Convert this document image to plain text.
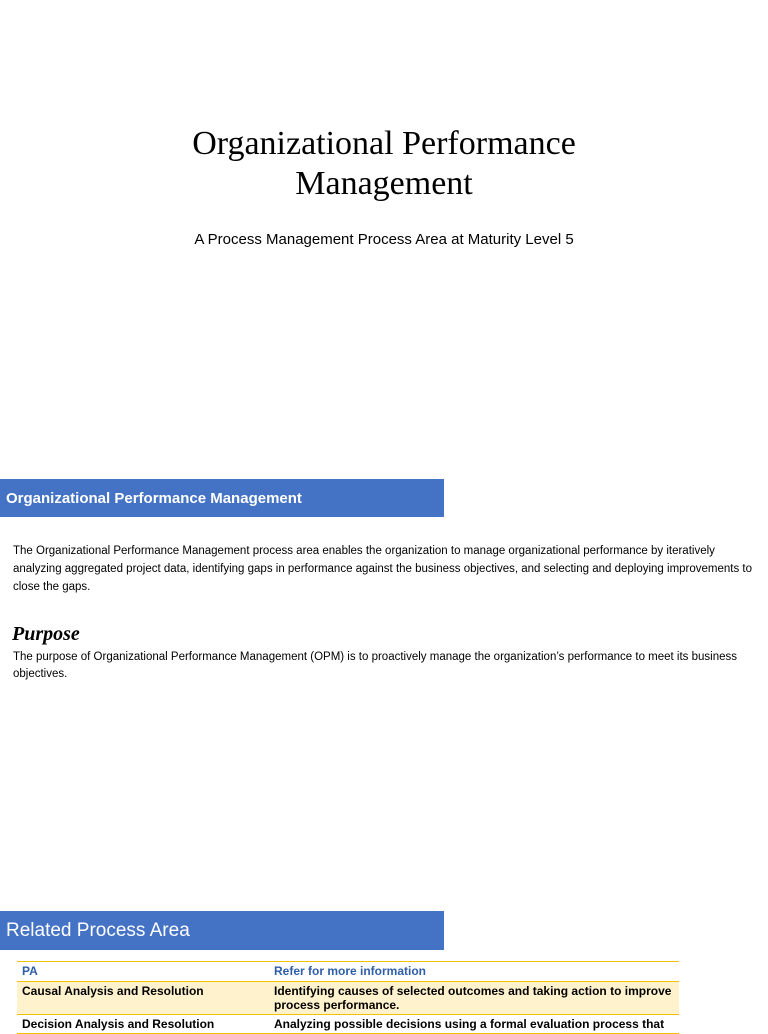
Organizational Performance
Management
A Process Management Process Area at Maturity Level 5
Organizational Performance Management
The Organizational Performance Management process area enables the organization to manage organizational performance by iteratively analyzing aggregated project data, identifying gaps in performance against the business objectives, and selecting and deploying improvements to close the gaps.
Purpose
The purpose of Organizational Performance Management (OPM) is to proactively manage the organization’s performance to meet its business objectives.
Related Process Area
PA	Refer for more information
Causal Analysis and Resolution	Identifying causes of selected outcomes and taking action to improve process performance.
Decision Analysis and Resolution	Analyzing possible decisions using a formal evaluation process that
